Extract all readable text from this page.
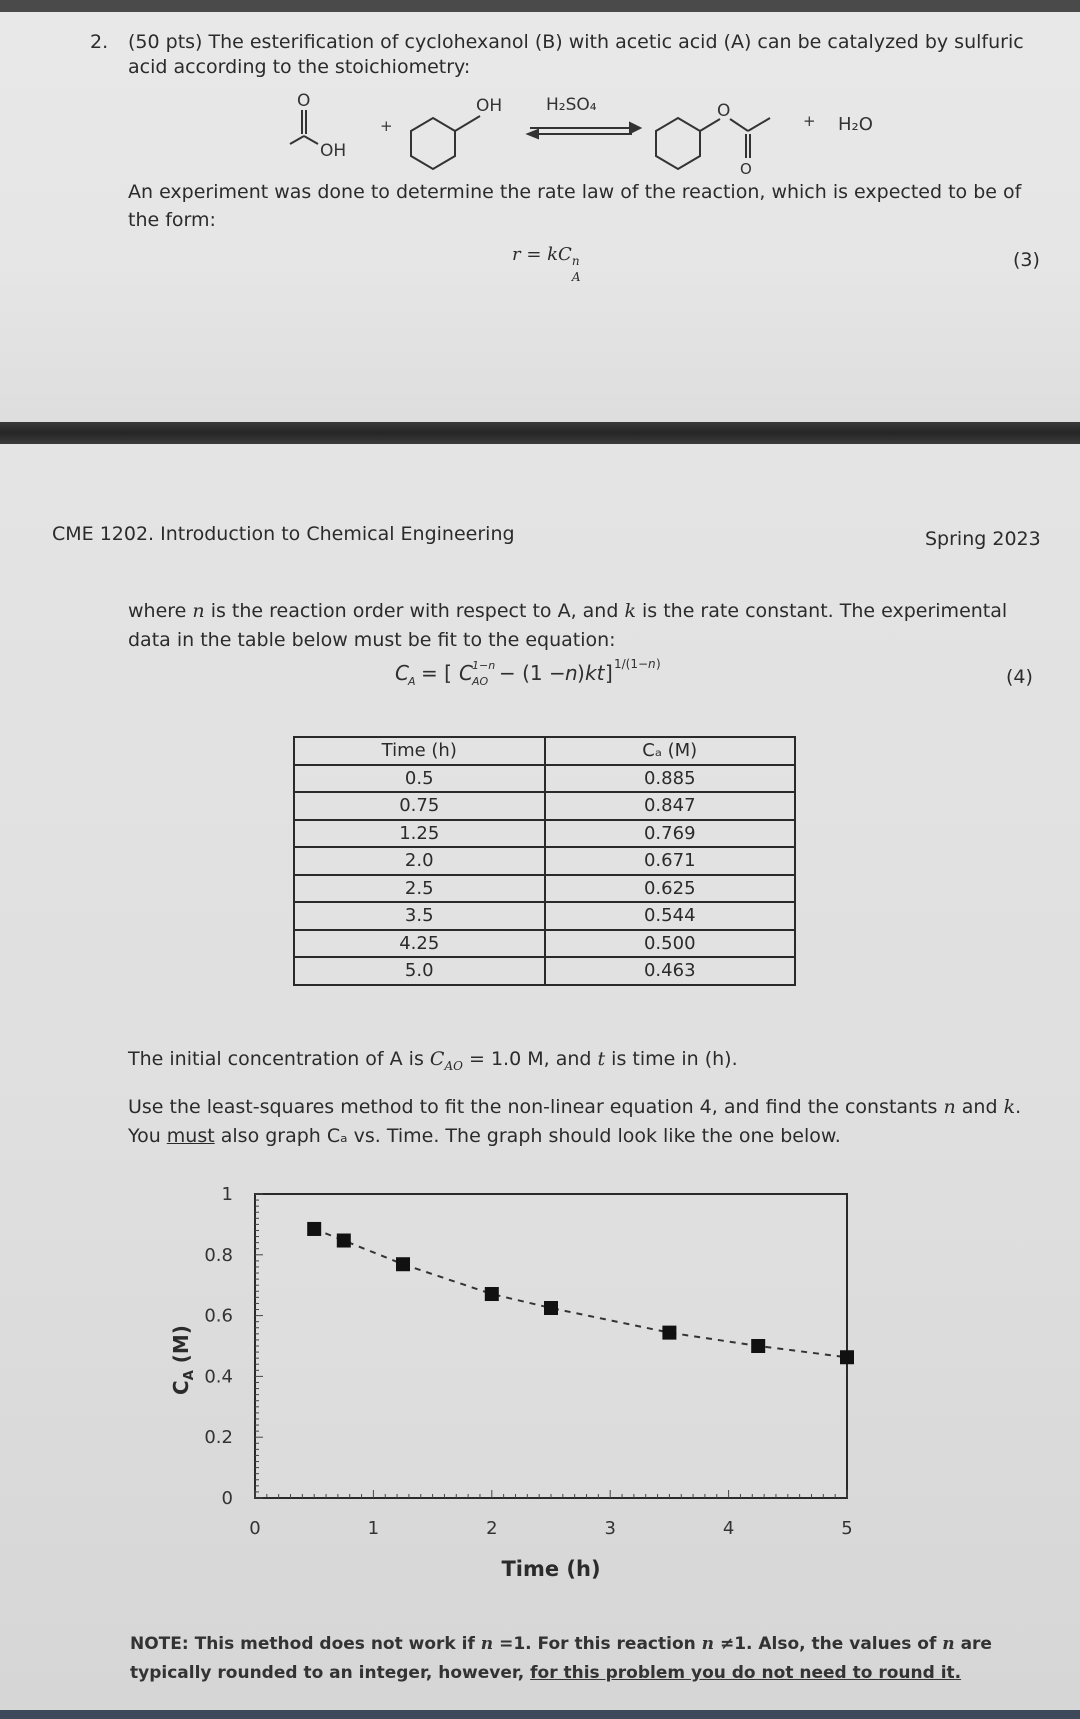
2. (50 pts) The esterification of cyclohexanol (B) with acetic acid (A) can be catalyzed by sulfuric
acid according to the stoichiometry:
O
OH
+
OH	H₂SO₄	O
O
+ H₂O
An experiment was done to determine the rate law of the reaction, which is expected to be of
the form:
r = kC n
A
(3)
CME 1202. Introduction to Chemical Engineering	Spring 2023
where n is the reaction order with respect to A, and k is the rate constant. The experimental
data in the table below must be fit to the equation:
C A = [ C 1−n
AO − (1 − n ) kt ] 1/(1− n )
(4)
Time (h)	Cₐ (M)
0.5	0.885
0.75	0.847
1.25	0.769
2.0	0.671
2.5	0.625
3.5	0.544
4.25	0.500
5.0	0.463
The initial concentration of A is $C_{AO} = 1.0$ M, and t is time in (h).
Use the least-squares method to fit the non-linear equation 4, and find the constants n and k.
You must also graph Cₐ vs. Time. The graph should look like the one below.
0
0.2
0.4
0.6
0.8
1
0	1	2	3	4	5
Time (h)
$C_A$ (M)
NOTE: This method does not work if n =1. For this reaction n ≠1. Also, the values of n are
typically rounded to an integer, however, for this problem you do not need to round it.
